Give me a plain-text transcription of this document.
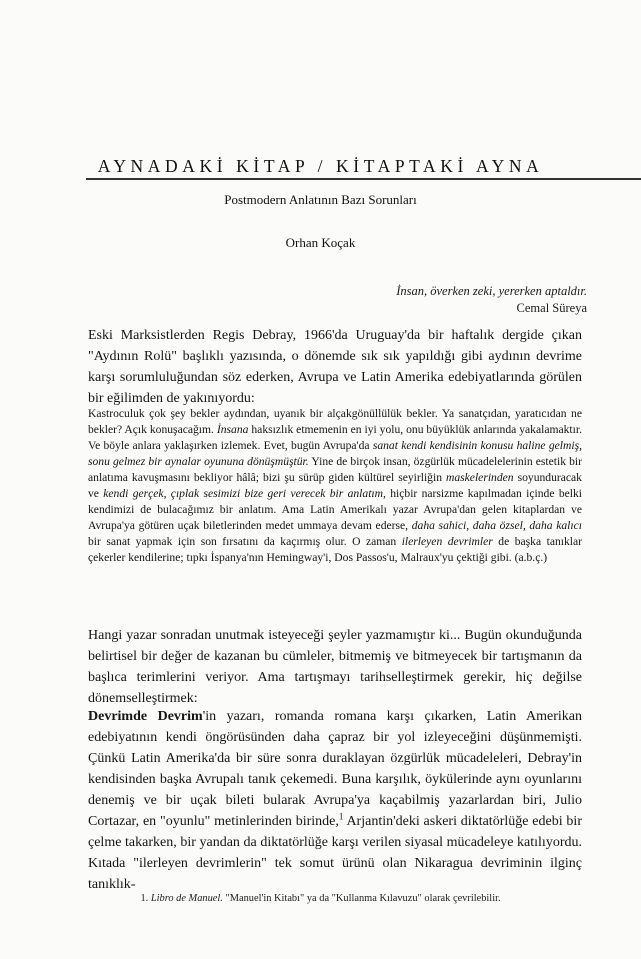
AYNADAKİ KİTAP / KİTAPTAKİ AYNA
Postmodern Anlatının Bazı Sorunları
Orhan Koçak
İnsan, överken zeki, yererken aptaldır.
Cemal Süreya
Eski Marksistlerden Regis Debray, 1966'da Uruguay'da bir haftalık dergide çıkan "Aydının Rolü" başlıklı yazısında, o dönemde sık sık yapıldığı gibi aydının devrime karşı sorumluluğundan söz ederken, Avrupa ve Latin Amerika edebiyatlarında görülen bir eğilimden de yakınıyordu:
Kastroculuk çok şey bekler aydından, uyanık bir alçakgönüllülük bekler. Ya sanatçıdan, yaratıcıdan ne bekler? Açık konuşacağım. İnsana haksızlık etmemenin en iyi yolu, onu büyüklük anlarında yakalamaktır. Ve böyle anlara yaklaşırken izlemek. Evet, bugün Avrupa'da sanat kendi kendisinin konusu haline gelmiş, sonu gelmez bir aynalar oyununa dönüşmüştür. Yine de birçok insan, özgürlük mücadelelerinin estetik bir anlatıma kavuşmasını bekliyor hâlâ; bizi şu sürüp giden kültürel seyirliğin maskelerinden soyunduracak ve kendi gerçek, çıplak sesimizi bize geri verecek bir anlatım, hiçbir narsizme kapılmadan içinde belki kendimizi de bulacağımız bir anlatım. Ama Latin Amerikalı yazar Avrupa'dan gelen kitaplardan ve Avrupa'ya götüren uçak biletlerinden medet ummaya devam ederse, daha sahici, daha özsel, daha kalıcı bir sanat yapmak için son fırsatını da kaçırmış olur. O zaman ilerleyen devrimler de başka tanıklar çekerler kendilerine; tıpkı İspanya'nın Hemingway'i, Dos Passos'u, Malraux'yu çektiği gibi. (a.b.ç.)
Hangi yazar sonradan unutmak isteyeceği şeyler yazmamıştır ki... Bugün okunduğunda belirtisel bir değer de kazanan bu cümleler, bitmemiş ve bitmeyecek bir tartışmanın da başlıca terimlerini veriyor. Ama tartışmayı tarihselleştirmek gerekir, hiç değilse dönemselleştirmek:
Devrimde Devrim'in yazarı, romanda romana karşı çıkarken, Latin Amerikan edebiyatının kendi öngörüsünden daha çapraz bir yol izleyeceğini düşünmemişti. Çünkü Latin Amerika'da bir süre sonra duraklayan özgürlük mücadeleleri, Debray'in kendisinden başka Avrupalı tanık çekemedi. Buna karşılık, öykülerinde aynı oyunlarını denemiş ve bir uçak bileti bularak Avrupa'ya kaçabilmiş yazarlardan biri, Julio Cortazar, en "oyunlu" metinlerinden birinde,$^1$ Arjantin'deki askeri diktatörlüğe edebi bir çelme takarken, bir yandan da diktatörlüğe karşı verilen siyasal mücadeleye katılıyordu. Kıtada "ilerleyen devrimlerin" tek somut ürünü olan Nikaragua devriminin ilginç tanıklık-
1. Libro de Manuel. "Manuel'in Kitabı" ya da "Kullanma Kılavuzu" olarak çevrilebilir.
